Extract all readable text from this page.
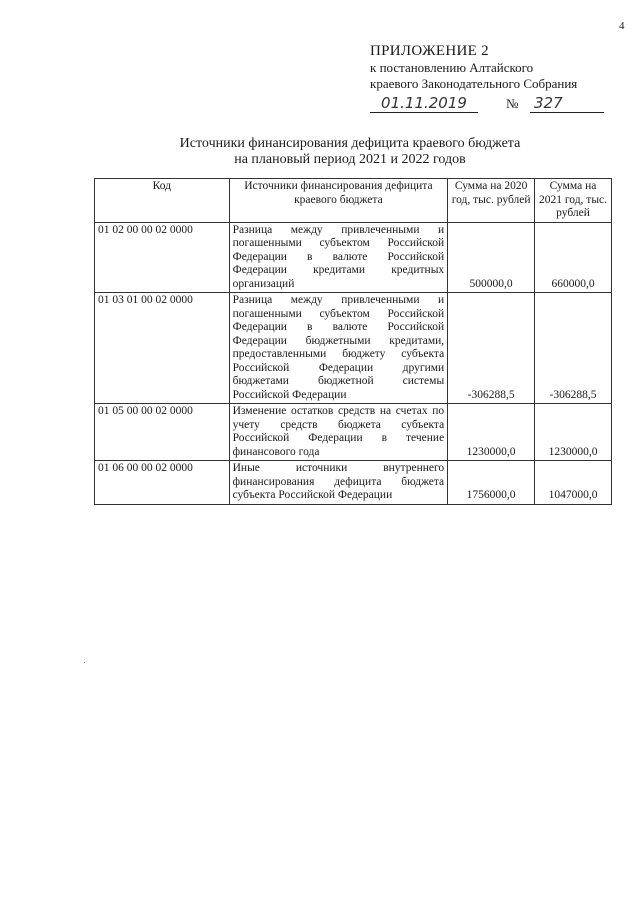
4
ПРИЛОЖЕНИЕ 2
к постановлению Алтайского
краевого Законодательного Собрания
01.11.2019	№ 327
Источники финансирования дефицита краевого бюджета
на плановый период 2021 и 2022 годов
Код	Источники финансирования дефицита краевого бюджета	Сумма на 2020 год, тыс. рублей	Сумма на 2021 год, тыс. рублей
01 02 00 00 02 0000	Разница между привлеченными и погашенными субъектом Российской Федерации в валюте Российской Федерации кредитами кредитных организаций	500000,0	660000,0
01 03 01 00 02 0000	Разница между привлеченными и погашенными субъектом Российской Федерации в валюте Российской Федерации бюджетными кредитами, предоставленными бюджету субъекта Российской Федерации другими бюджетами бюджетной системы Российской Федерации	-306288,5	-306288,5
01 05 00 00 02 0000	Изменение остатков средств на счетах по учету средств бюджета субъекта Российской Федерации в течение финансового года	1230000,0	1230000,0
01 06 00 00 02 0000	Иные источники внутреннего финансирования дефицита бюджета субъекта Российской Федерации	1756000,0	1047000,0
